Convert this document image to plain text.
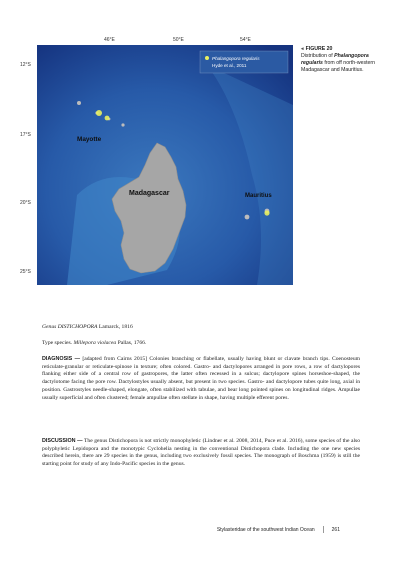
46°E	50°E	54°E
12°S
17°S
20°S
25°S
Mayotte
Madagascar	Mauritius
Phalangopora regularis
Hyde et al., 2011
◂ FIGURE 20
Distribution of Phalangopora regularis from off north-western Madagascar and Mauritius.
Genus DISTICHOPORA Lamarck, 1816
Type species. Millepora violacea Pallas, 1766.
DIAGNOSIS — [adapted from Cairns 2015] Colonies branching or flabellate, usually having blunt or clavate branch tips. Coenosteum reticulate-granular or reticulate-spinose in texture; often colored. Gastro- and dactylopores arranged in pore rows, a row of dactylopores flanking either side of a central row of gastropores, the latter often recessed in a sulcus; dactylopore spines horseshoe-shaped, the dactylotome facing the pore row. Dactylostyles usually absent, but present in two species. Gastro- and dactylopore tubes quite long, axial in position. Gastrostyles needle-shaped, elongate, often stabilized with tabulae, and bear long pointed spines on longitudinal ridges. Ampullae usually superficial and often clustered; female ampullae often stellate in shape, having multiple efferent pores.
DISCUSSION — The genus Distichopora is not strictly monophyletic (Lindner et al. 2008, 2014, Puce et al. 2016), some species of the also polyphyletic Lepidopora and the monotypic Cyclohelia nesting in the conventional Distichopora clade. Including the one new species described herein, there are 29 species in the genus, including two exclusively fossil species. The monograph of Boschma (1959) is still the starting point for study of any Indo-Pacific species in the genus.
Stylasteridae of the southwest Indian Ocean	261
